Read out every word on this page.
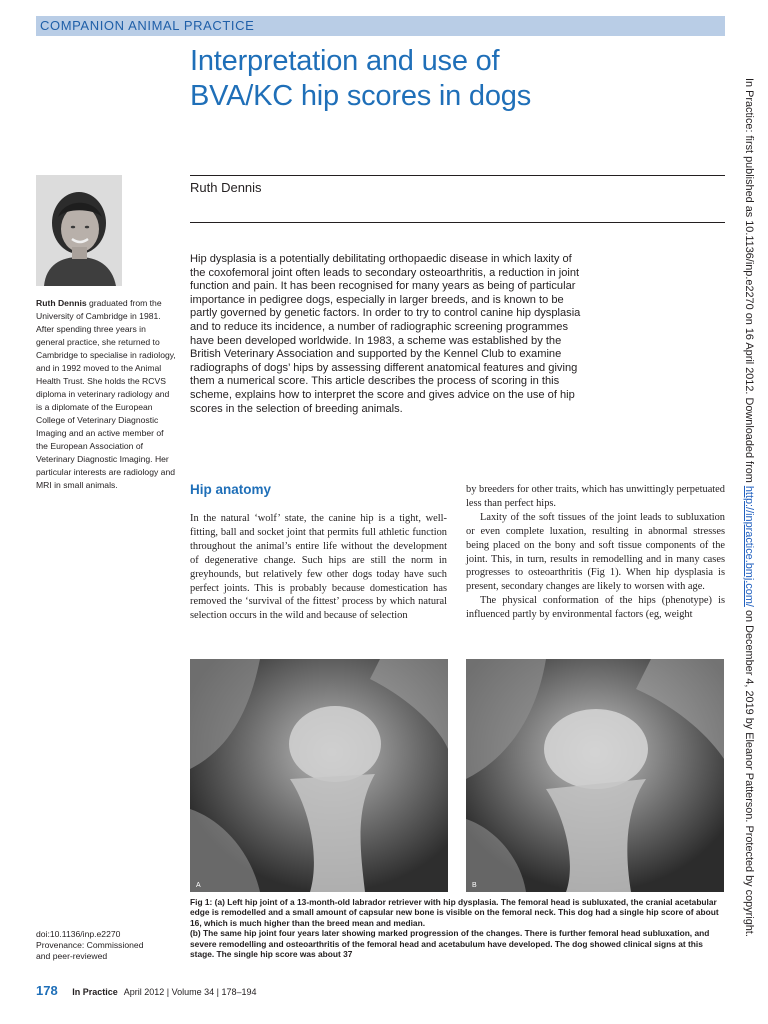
COMPANION ANIMAL PRACTICE
Interpretation and use of
BVA/KC hip scores in dogs
Ruth Dennis
Ruth Dennis graduated from the University of Cambridge in 1981. After spending three years in general practice, she returned to Cambridge to specialise in radiology, and in 1992 moved to the Animal Health Trust. She holds the RCVS diploma in veterinary radiology and is a diplomate of the European College of Veterinary Diagnostic Imaging and an active member of the European Association of Veterinary Diagnostic Imaging. Her particular interests are radiology and MRI in small animals.
Hip dysplasia is a potentially debilitating orthopaedic disease in which laxity of the coxofemoral joint often leads to secondary osteoarthritis, a reduction in joint function and pain. It has been recognised for many years as being of particular importance in pedigree dogs, especially in larger breeds, and is known to be partly governed by genetic factors. In order to try to control canine hip dysplasia and to reduce its incidence, a number of radiographic screening programmes have been developed worldwide. In 1983, a scheme was established by the British Veterinary Association and supported by the Kennel Club to examine radiographs of dogs’ hips by assessing different anatomical features and giving them a numerical score. This article describes the process of scoring in this scheme, explains how to interpret the score and gives advice on the use of hip scores in the selection of breeding animals.
Hip anatomy

In the natural ‘wolf’ state, the canine hip is a tight, well-fitting, ball and socket joint that permits full athletic function throughout the animal’s entire life without the development of degenerative change. Such hips are still the norm in greyhounds, but relatively few other dogs today have such perfect joints. This is probably because domestication has removed the ‘survival of the fittest’ process by which natural selection occurs in the wild and because of selection

by breeders for other traits, which has unwittingly perpetuated less than perfect hips.

Laxity of the soft tissues of the joint leads to subluxation or even complete luxation, resulting in abnormal stresses being placed on the bony and soft tissue components of the joint. This, in turn, results in remodelling and in many cases progresses to osteoarthritis (Fig 1). When hip dysplasia is present, secondary changes are likely to worsen with age.

The physical conformation of the hips (phenotype) is influenced partly by environmental factors (eg, weight

A	B

Fig 1: (a) Left hip joint of a 13-month-old labrador retriever with hip dysplasia. The femoral head is subluxated, the cranial acetabular edge is remodelled and a small amount of capsular new bone is visible on the femoral neck. This dog had a single hip score of about 16, which is much higher than the breed mean and median.

(b) The same hip joint four years later showing marked progression of the changes. There is further femoral head subluxation, and severe remodelling and osteoarthritis of the femoral head and acetabulum have developed. The dog showed clinical signs at this stage. The single hip score was about 37

doi:10.1136/inp.e2270
Provenance: Commissioned
and peer-reviewed
178 In Practice April 2012 | Volume 34 | 178–194
In Practice: first published as 10.1136/inp.e2270 on 16 April 2012. Downloaded from http://inpractice.bmj.com/ on December 4, 2019 by Eleanor Patterson. Protected by copyright.
